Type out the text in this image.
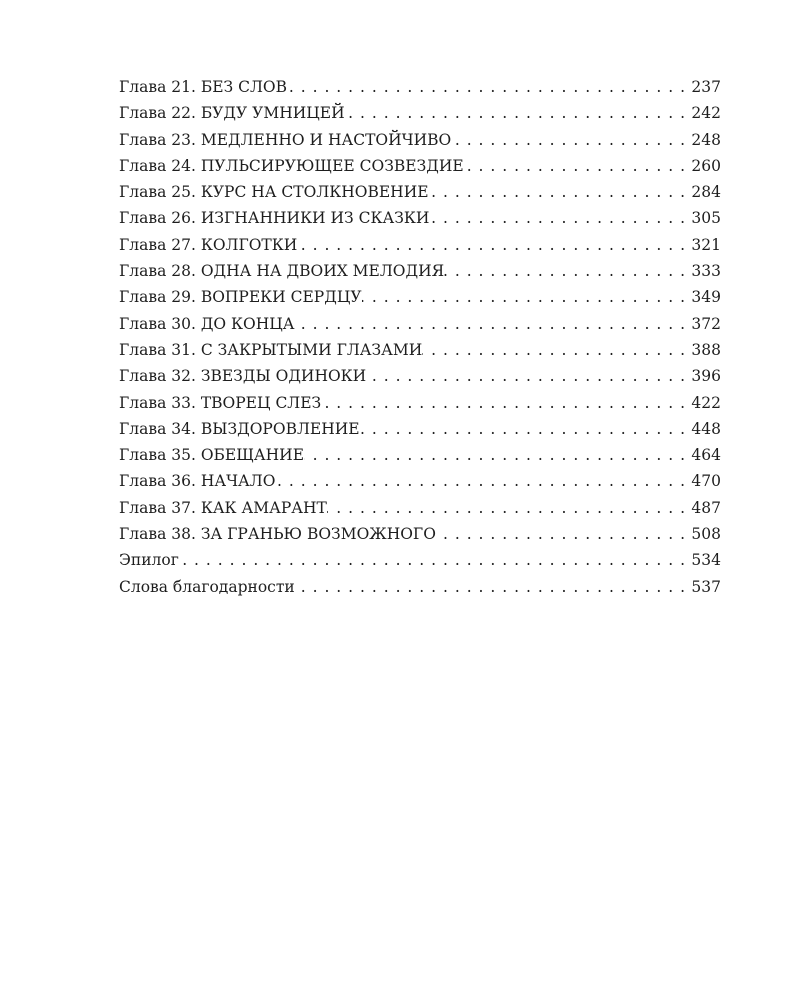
Глава 21. БЕЗ СЛОВ . . .	237
Глава 22. БУДУ УМНИЦЕЙ . . .	242
Глава 23. МЕДЛЕННО И НАСТОЙЧИВО . . .	248
Глава 24. ПУЛЬСИРУЮЩЕЕ СОЗВЕЗДИЕ . . .	260
Глава 25. КУРС НА СТОЛКНОВЕНИЕ . . .	284
Глава 26. ИЗГНАННИКИ ИЗ СКАЗКИ . . .	305
Глава 27. КОЛГОТКИ . . .	321
Глава 28. ОДНА НА ДВОИХ МЕЛОДИЯ . . .	333
Глава 29. ВОПРЕКИ СЕРДЦУ . . .	349
Глава 30. ДО КОНЦА . . .	372
Глава 31. С ЗАКРЫТЫМИ ГЛАЗАМИ . . .	388
Глава 32. ЗВЕЗДЫ ОДИНОКИ . . .	396
Глава 33. ТВОРЕЦ СЛЕЗ . . .	422
Глава 34. ВЫЗДОРОВЛЕНИЕ . . .	448
Глава 35. ОБЕЩАНИЕ . . .	464
Глава 36. НАЧАЛО . . .	470
Глава 37. КАК АМАРАНТ . . .	487
Глава 38. ЗА ГРАНЬЮ ВОЗМОЖНОГО . . .	508
Эпилог . . .	534
Слова благодарности . . .	537
